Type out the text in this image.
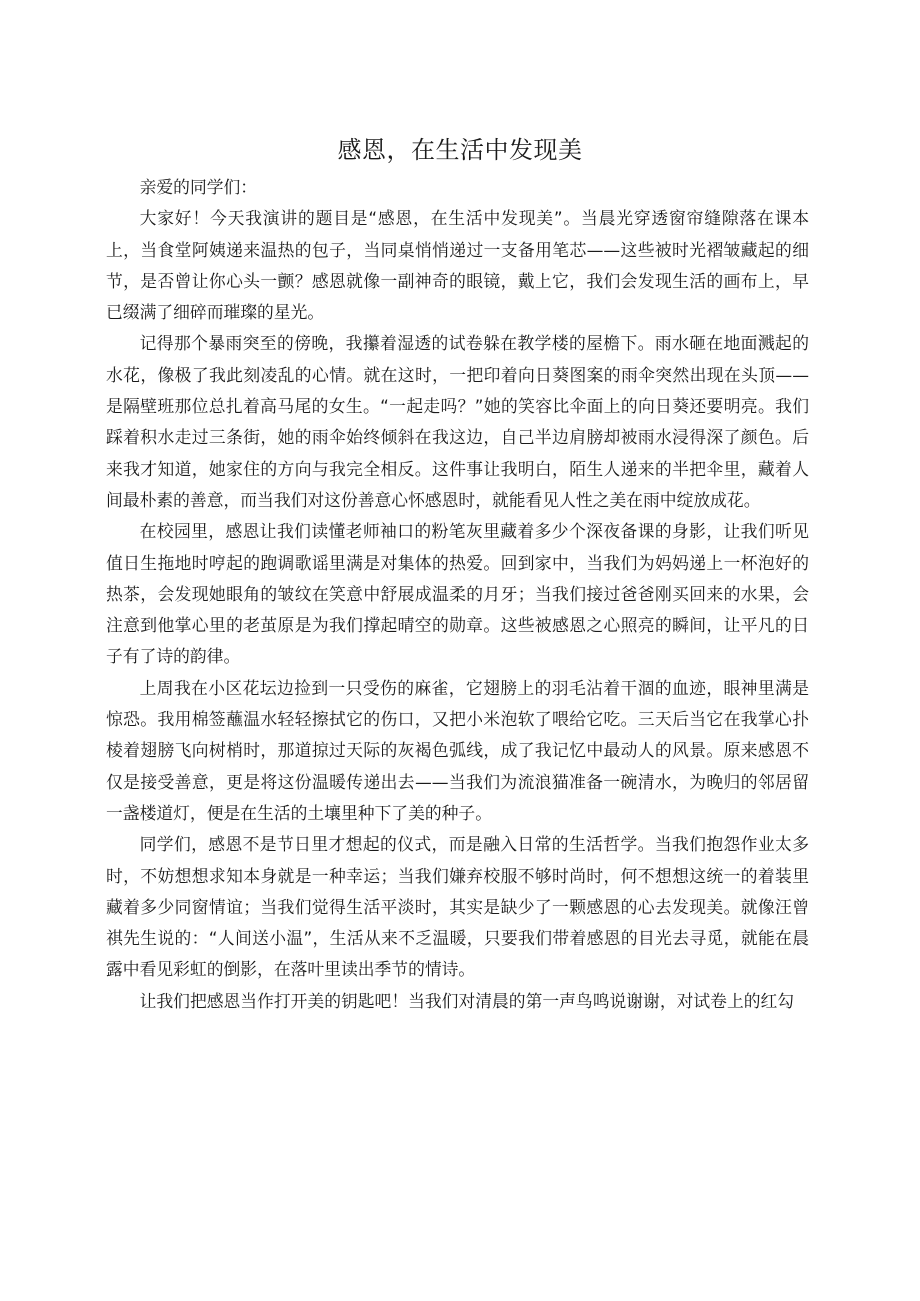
感恩，在生活中发现美

亲爱的同学们：

大家好！今天我演讲的题目是“感恩，在生活中发现美”。当晨光穿透窗帘缝隙落在课本上，当食堂阿姨递来温热的包子，当同桌悄悄递过一支备用笔芯——这些被时光褶皱藏起的细节，是否曾让你心头一颤？感恩就像一副神奇的眼镜，戴上它，我们会发现生活的画布上，早已缀满了细碎而璀璨的星光。

记得那个暴雨突至的傍晚，我攥着湿透的试卷躲在教学楼的屋檐下。雨水砸在地面溅起的水花，像极了我此刻凌乱的心情。就在这时，一把印着向日葵图案的雨伞突然出现在头顶——是隔壁班那位总扎着高马尾的女生。“一起走吗？”她的笑容比伞面上的向日葵还要明亮。我们踩着积水走过三条街，她的雨伞始终倾斜在我这边，自己半边肩膀却被雨水浸得深了颜色。后来我才知道，她家住的方向与我完全相反。这件事让我明白，陌生人递来的半把伞里，藏着人间最朴素的善意，而当我们对这份善意心怀感恩时，就能看见人性之美在雨中绽放成花。

在校园里，感恩让我们读懂老师袖口的粉笔灰里藏着多少个深夜备课的身影，让我们听见值日生拖地时哼起的跑调歌谣里满是对集体的热爱。回到家中，当我们为妈妈递上一杯泡好的热茶，会发现她眼角的皱纹在笑意中舒展成温柔的月牙；当我们接过爸爸刚买回来的水果，会注意到他掌心里的老茧原是为我们撑起晴空的勋章。这些被感恩之心照亮的瞬间，让平凡的日子有了诗的韵律。

上周我在小区花坛边捡到一只受伤的麻雀，它翅膀上的羽毛沾着干涸的血迹，眼神里满是惊恐。我用棉签蘸温水轻轻擦拭它的伤口，又把小米泡软了喂给它吃。三天后当它在我掌心扑棱着翅膀飞向树梢时，那道掠过天际的灰褐色弧线，成了我记忆中最动人的风景。原来感恩不仅是接受善意，更是将这份温暖传递出去——当我们为流浪猫准备一碗清水，为晚归的邻居留一盏楼道灯，便是在生活的土壤里种下了美的种子。

同学们，感恩不是节日里才想起的仪式，而是融入日常的生活哲学。当我们抱怨作业太多时，不妨想想求知本身就是一种幸运；当我们嫌弃校服不够时尚时，何不想想这统一的着装里藏着多少同窗情谊；当我们觉得生活平淡时，其实是缺少了一颗感恩的心去发现美。就像汪曾祺先生说的：“人间送小温”，生活从来不乏温暖，只要我们带着感恩的目光去寻觅，就能在晨露中看见彩虹的倒影，在落叶里读出季节的情诗。

让我们把感恩当作打开美的钥匙吧！当我们对清晨的第一声鸟鸣说谢谢，对试卷上的红勾
